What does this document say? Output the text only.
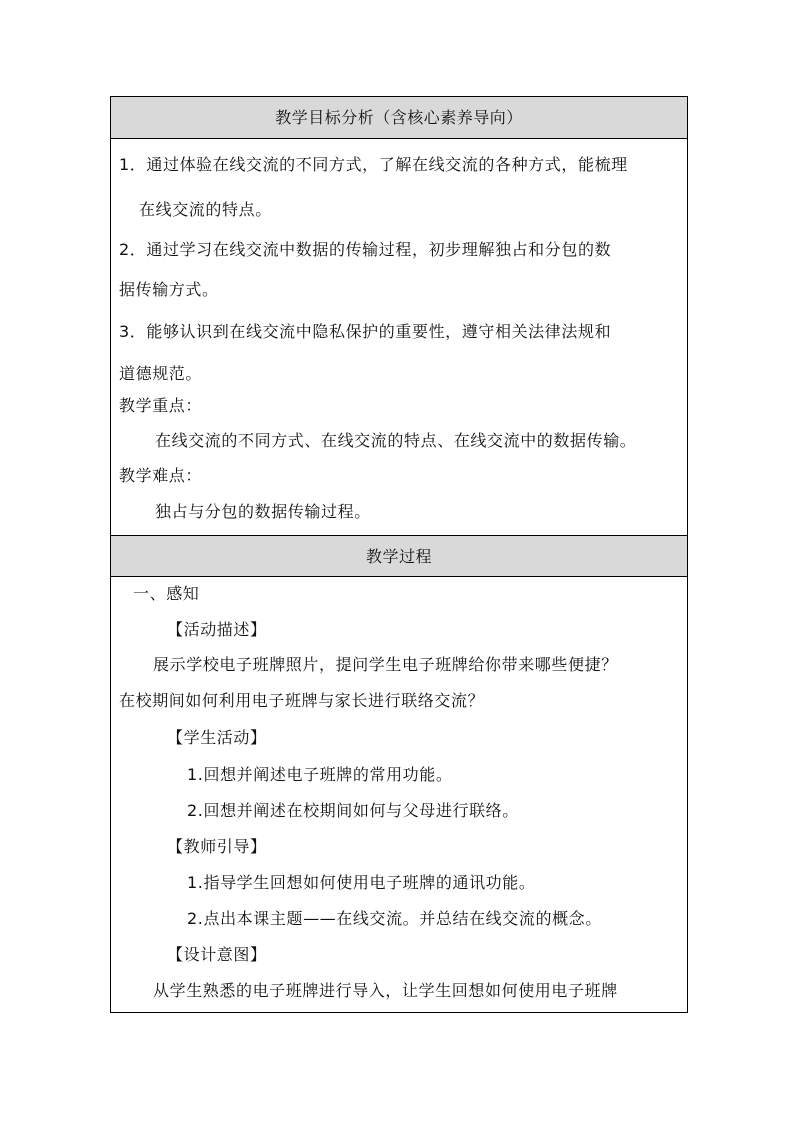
教学目标分析（含核心素养导向）
1．通过体验在线交流的不同方式，了解在线交流的各种方式，能梳理
在线交流的特点。
2．通过学习在线交流中数据的传输过程，初步理解独占和分包的数
据传输方式。
3．能够认识到在线交流中隐私保护的重要性，遵守相关法律法规和
道德规范。
教学重点：
在线交流的不同方式、在线交流的特点、在线交流中的数据传输。
教学难点：
独占与分包的数据传输过程。
教学过程
一、感知
【活动描述】
展示学校电子班牌照片，提问学生电子班牌给你带来哪些便捷？
在校期间如何利用电子班牌与家长进行联络交流？
【学生活动】
1.回想并阐述电子班牌的常用功能。
2.回想并阐述在校期间如何与父母进行联络。
【教师引导】
1.指导学生回想如何使用电子班牌的通讯功能。
2.点出本课主题——在线交流。并总结在线交流的概念。
【设计意图】
从学生熟悉的电子班牌进行导入，让学生回想如何使用电子班牌
